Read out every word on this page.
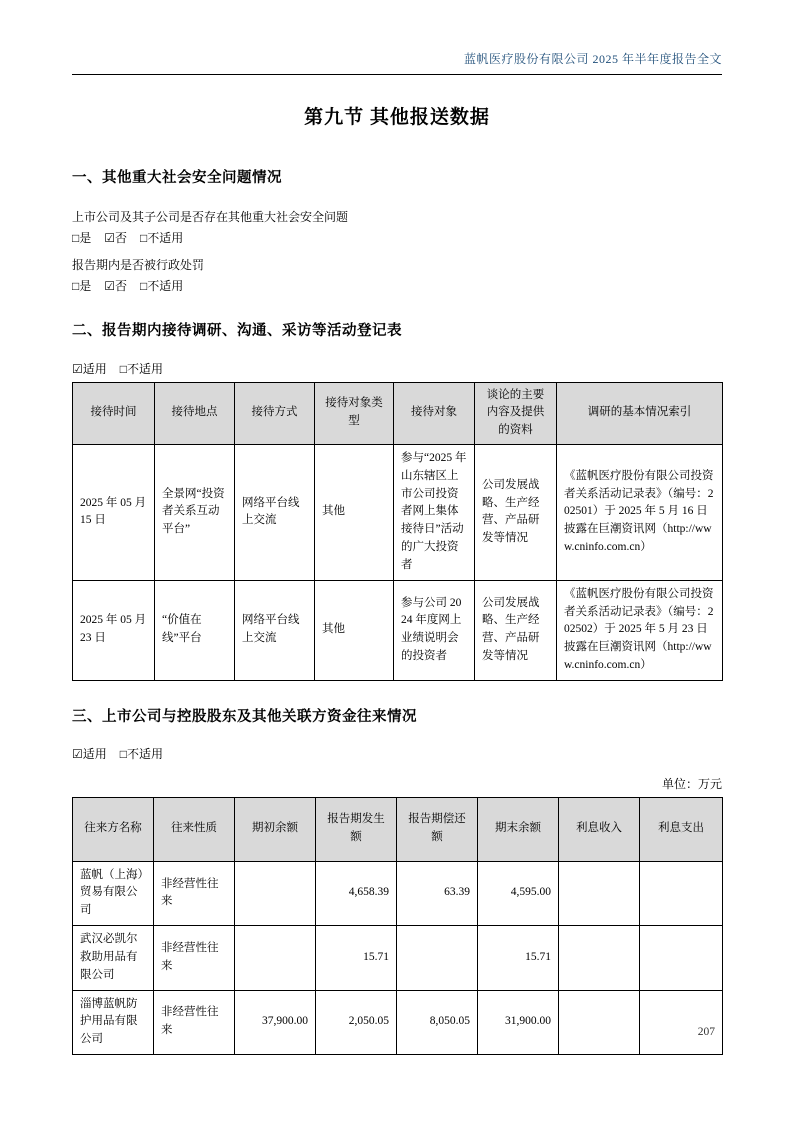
蓝帆医疗股份有限公司 2025 年半年度报告全文
第九节 其他报送数据
一、其他重大社会安全问题情况

上市公司及其子公司是否存在其他重大社会安全问题

□是 ☑否 □不适用

报告期内是否被行政处罚

□是 ☑否 □不适用

二、报告期内接待调研、沟通、采访等活动登记表

☑适用 □不适用

接待时间	接待地点	接待方式	接待对象类型	接待对象	谈论的主要内容及提供的资料	调研的基本情况索引
2025 年 05 月 15 日	全景网“投资者关系互动平台”	网络平台线上交流	其他	参与“2025 年山东辖区上市公司投资者网上集体接待日”活动的广大投资者	公司发展战略、生产经营、产品研发等情况	《蓝帆医疗股份有限公司投资者关系活动记录表》（编号：202501）于 2025 年 5 月 16 日披露在巨潮资讯网（http://www.cninfo.com.cn）
2025 年 05 月 23 日	“价值在线”平台	网络平台线上交流	其他	参与公司 2024 年度网上业绩说明会的投资者	公司发展战略、生产经营、产品研发等情况	《蓝帆医疗股份有限公司投资者关系活动记录表》（编号：202502）于 2025 年 5 月 23 日披露在巨潮资讯网（http://www.cninfo.com.cn）
三、上市公司与控股股东及其他关联方资金往来情况

☑适用 □不适用

单位：万元
往来方名称	往来性质	期初余额	报告期发生额	报告期偿还额	期末余额	利息收入	利息支出
蓝帆（上海）贸易有限公司	非经营性往来		4,658.39	63.39	4,595.00		
武汉必凯尔救助用品有限公司	非经营性往来		15.71		15.71		
淄博蓝帆防护用品有限公司	非经营性往来	37,900.00	2,050.05	8,050.05	31,900.00		
207
